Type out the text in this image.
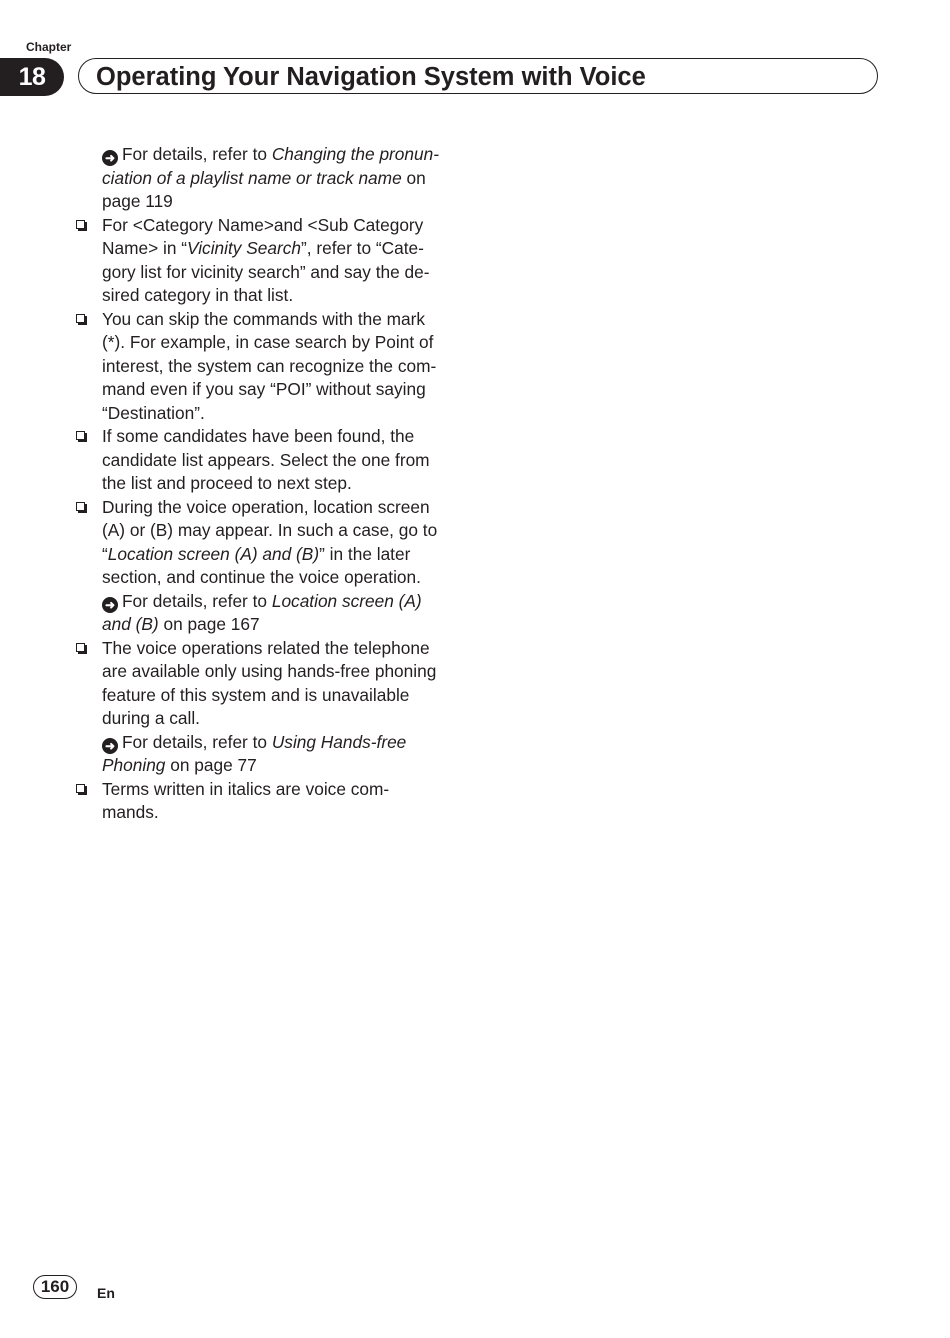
Chapter
18	Operating Your Navigation System with Voice
➜ For details, refer to Changing the pronun-
ciation of a playlist name or track name on
page 119
For <Category Name>and <Sub Category
Name> in “Vicinity Search”, refer to “Cate-
gory list for vicinity search” and say the de-
sired category in that list.
You can skip the commands with the mark
(*). For example, in case search by Point of
interest, the system can recognize the com-
mand even if you say “POI” without saying
“Destination”.
If some candidates have been found, the
candidate list appears. Select the one from
the list and proceed to next step.
During the voice operation, location screen
(A) or (B) may appear. In such a case, go to
“Location screen (A) and (B)” in the later
section, and continue the voice operation.
➜ For details, refer to Location screen (A)
and (B) on page 167
The voice operations related the telephone
are available only using hands-free phoning
feature of this system and is unavailable
during a call.
➜ For details, refer to Using Hands-free
Phoning on page 77
Terms written in italics are voice com-
mands.
160	En
